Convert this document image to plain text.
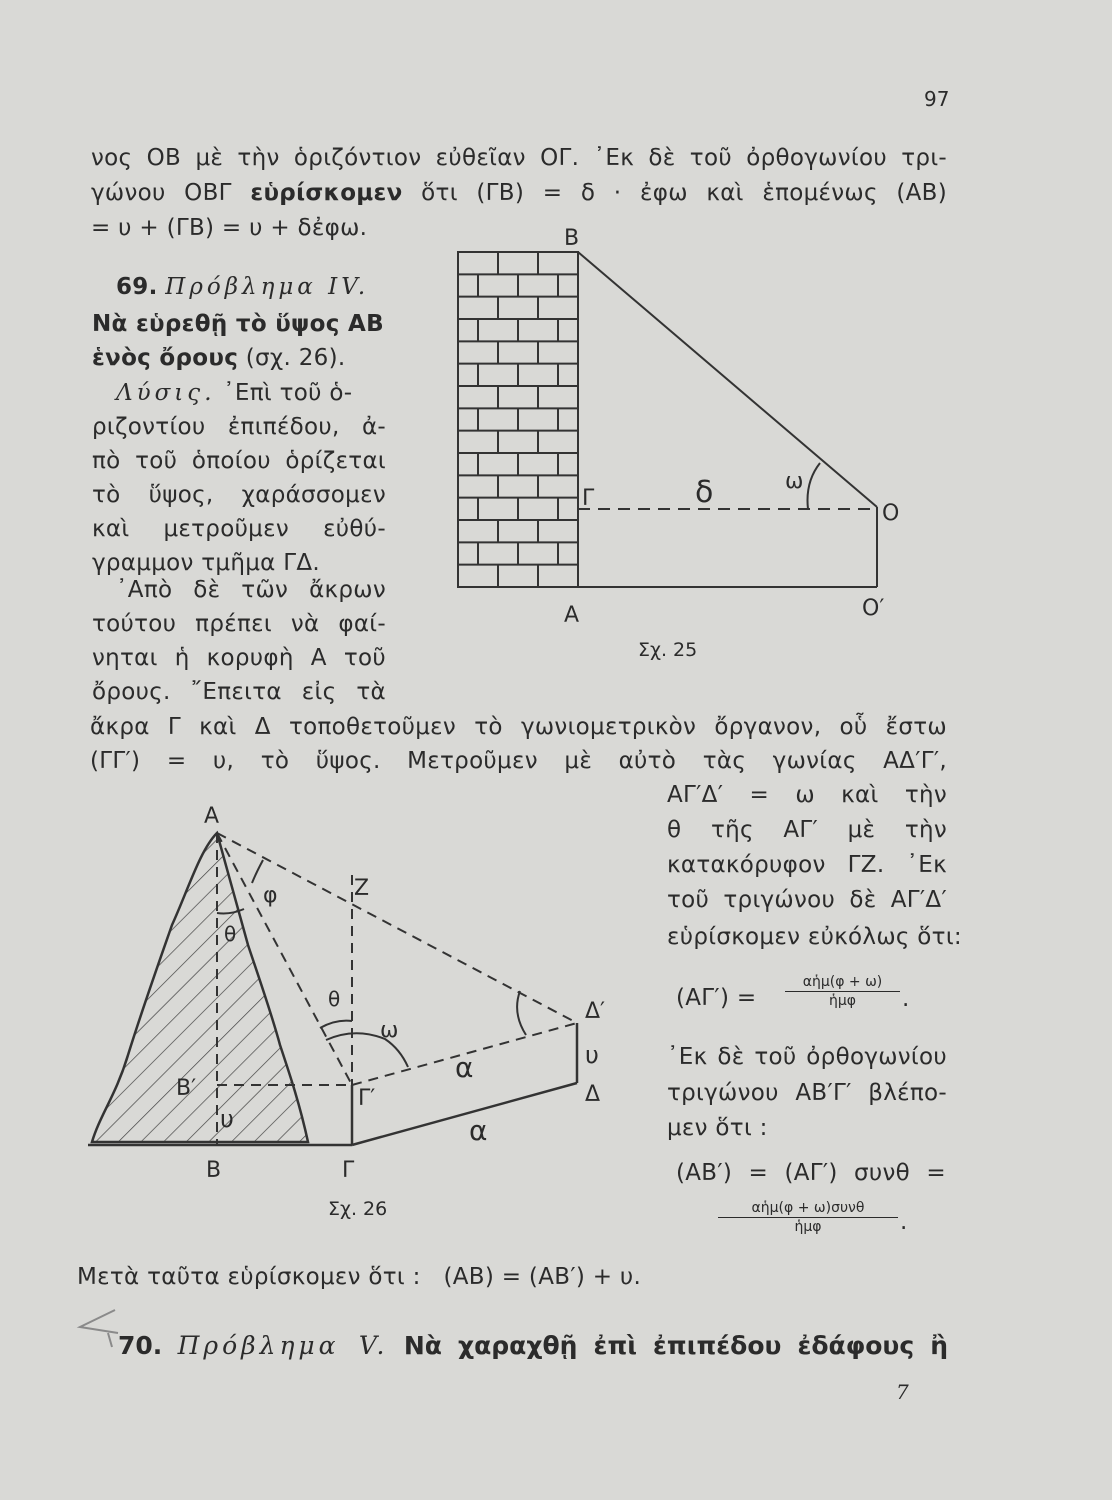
97
νος ΟΒ μὲ τὴν ὁριζόντιον εὐθεῖαν ΟΓ. ᾿Εκ δὲ τοῦ ὀρθογωνίου τρι-
γώνου ΟΒΓ εὑρίσκομεν ὅτι (ΓΒ) = δ · ἐφω καὶ ἑπομένως (ΑΒ)
= υ + (ΓΒ) = υ + δἐφω.
69. Πρόβλημα IV.
Νὰ εὑρεθῇ τὸ ὕψος ΑΒ
ἑνὸς ὄρους (σχ. 26).
Λύσις. ᾿Επὶ τοῦ ὁ-
ριζοντίου ἐπιπέδου, ἀ-
πὸ τοῦ ὁποίου ὁρίζεται
τὸ ὕψος, χαράσσομεν
καὶ μετροῦμεν εὐθύ-
γραμμον τμῆμα ΓΔ.
᾿Απὸ δὲ τῶν ἄκρων
τούτου πρέπει νὰ φαί-
νηται ἡ κορυφὴ Α τοῦ
ὄρους. ῎Επειτα εἰς τὰ
ἄκρα Γ καὶ Δ τοποθετοῦμεν τὸ γωνιομετρικὸν ὄργανον, οὗ ἔστω
(ΓΓ′) = υ, τὸ ὕψος. Μετροῦμεν μὲ αὐτὸ τὰς γωνίας ΑΔ′Γ′,
Β
Γ
Α
Ο
Ο′
δ	ω
Σχ. 25
Α
Ζ
φ
θ
θ
ω
Δ′
υ
Δ
α
α
Β′	Γ′
υ
Β	Γ
Σχ. 26
ΑΓ′Δ′ = ω καὶ τὴν
θ τῆς ΑΓ′ μὲ τὴν
κατακόρυφον ΓΖ. ᾿Εκ
τοῦ τριγώνου δὲ ΑΓ′Δ′
εὑρίσκομεν εὐκόλως ὅτι:
(ΑΓ′) =
αἡμ(φ + ω)
ἡμφ	.
᾿Εκ δὲ τοῦ ὀρθογωνίου
τριγώνου ΑΒ′Γ′ βλέπο-
μεν ὅτι :
(ΑΒ′) = (ΑΓ′) συνθ =
αἡμ(φ + ω)συνθ
ἡμφ	.
Μετὰ ταῦτα εὑρίσκομεν ὅτι :   (ΑΒ) = (ΑΒ′) + υ.
70. Πρόβλημα V. Νὰ χαραχθῇ ἐπὶ ἐπιπέδου ἐδάφους ἢ
7
